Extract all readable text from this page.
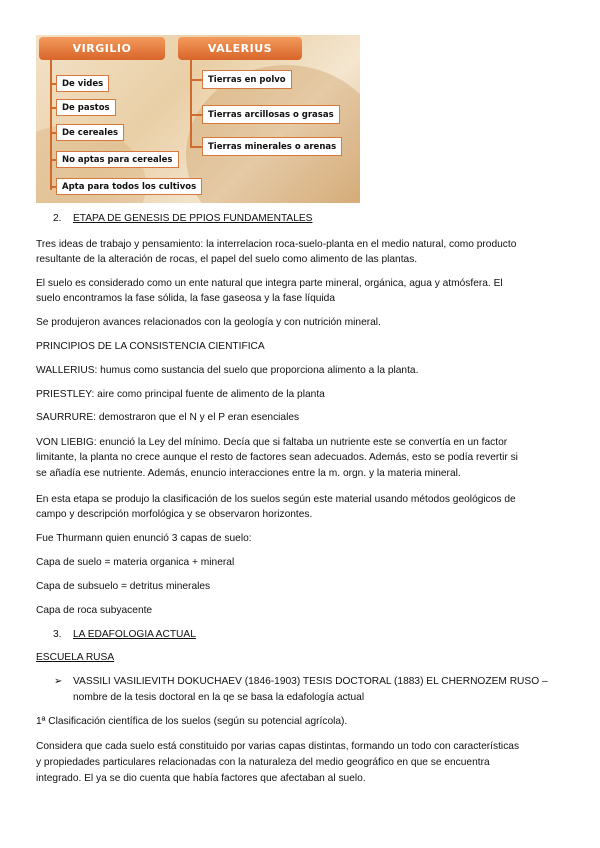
VIRGILIO	VALERIUS
De vides
De pastos
De cereales
No aptas para cereales
Apta para todos los cultivos
Tierras en polvo
Tierras arcillosas o grasas
Tierras minerales o arenas
2. ETAPA DE GENESIS DE PPIOS FUNDAMENTALES
Tres ideas de trabajo y pensamiento: la interrelacion roca-suelo-planta en el medio natural, como producto
resultante de la alteración de rocas, el papel del suelo como alimento de las plantas.
El suelo es considerado como un ente natural que integra parte mineral, orgánica, agua y atmósfera. El
suelo encontramos la fase sólida, la fase gaseosa y la fase líquida
Se produjeron avances relacionados con la geología y con nutrición mineral.
PRINCIPIOS DE LA CONSISTENCIA CIENTIFICA
WALLERIUS: humus como sustancia del suelo que proporciona alimento a la planta.
PRIESTLEY: aire como principal fuente de alimento de la planta
SAURRURE: demostraron que el N y el P eran esenciales
VON LIEBIG: enunció la Ley del mínimo. Decía que si faltaba un nutriente este se convertía en un factor
limitante, la planta no crece aunque el resto de factores sean adecuados. Además, esto se podía revertir si
se añadía ese nutriente. Además, enuncio interacciones entre la m. orgn. y la materia mineral.
En esta etapa se produjo la clasificación de los suelos según este material usando métodos geológicos de
campo y descripción morfológica y se observaron horizontes.
Fue Thurmann quien enunció 3 capas de suelo:
Capa de suelo = materia organica + mineral
Capa de subsuelo = detritus minerales
Capa de roca subyacente
3. LA EDAFOLOGIA ACTUAL
ESCUELA RUSA
➢ VASSILI VASILIEVITH DOKUCHAEV (1846-1903) TESIS DOCTORAL (1883) EL CHERNOZEM RUSO –
nombre de la tesis doctoral en la qe se basa la edafología actual
1ª Clasificación científica de los suelos (según su potencial agrícola).
Considera que cada suelo está constituido por varias capas distintas, formando un todo con características
y propiedades particulares relacionadas con la naturaleza del medio geográfico en que se encuentra
integrado. El ya se dio cuenta que había factores que afectaban al suelo.
